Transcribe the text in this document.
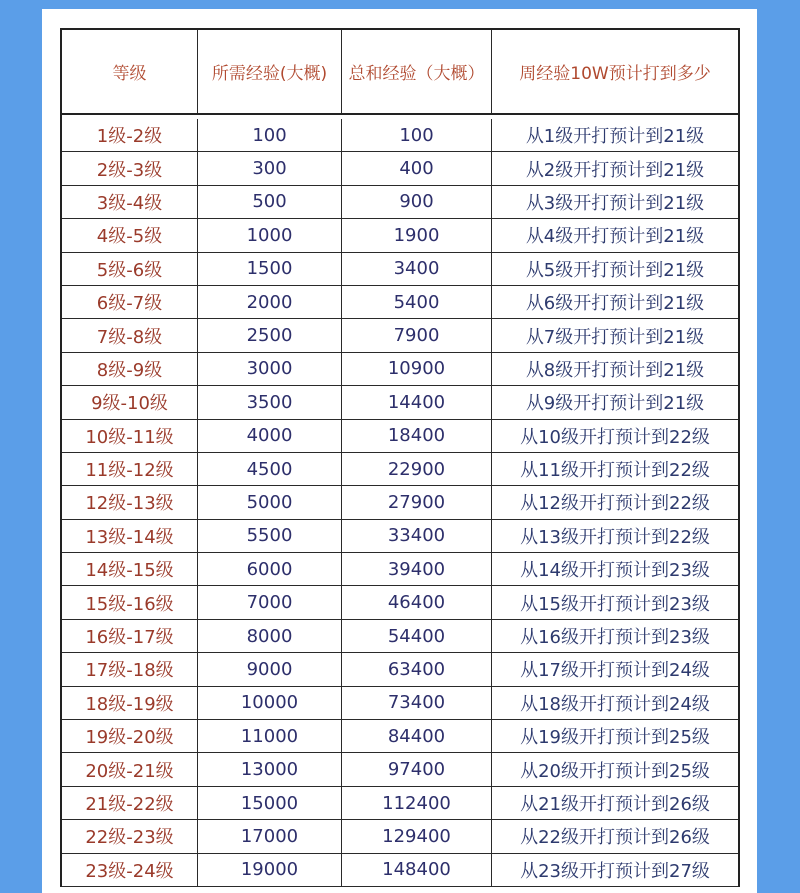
等级	所需经验(大概)	总和经验（大概）	周经验10W预计打到多少
1级-2级	100	100	从1级开打预计到21级
2级-3级	300	400	从2级开打预计到21级
3级-4级	500	900	从3级开打预计到21级
4级-5级	1000	1900	从4级开打预计到21级
5级-6级	1500	3400	从5级开打预计到21级
6级-7级	2000	5400	从6级开打预计到21级
7级-8级	2500	7900	从7级开打预计到21级
8级-9级	3000	10900	从8级开打预计到21级
9级-10级	3500	14400	从9级开打预计到21级
10级-11级	4000	18400	从10级开打预计到22级
11级-12级	4500	22900	从11级开打预计到22级
12级-13级	5000	27900	从12级开打预计到22级
13级-14级	5500	33400	从13级开打预计到22级
14级-15级	6000	39400	从14级开打预计到23级
15级-16级	7000	46400	从15级开打预计到23级
16级-17级	8000	54400	从16级开打预计到23级
17级-18级	9000	63400	从17级开打预计到24级
18级-19级	10000	73400	从18级开打预计到24级
19级-20级	11000	84400	从19级开打预计到25级
20级-21级	13000	97400	从20级开打预计到25级
21级-22级	15000	112400	从21级开打预计到26级
22级-23级	17000	129400	从22级开打预计到26级
23级-24级	19000	148400	从23级开打预计到27级
